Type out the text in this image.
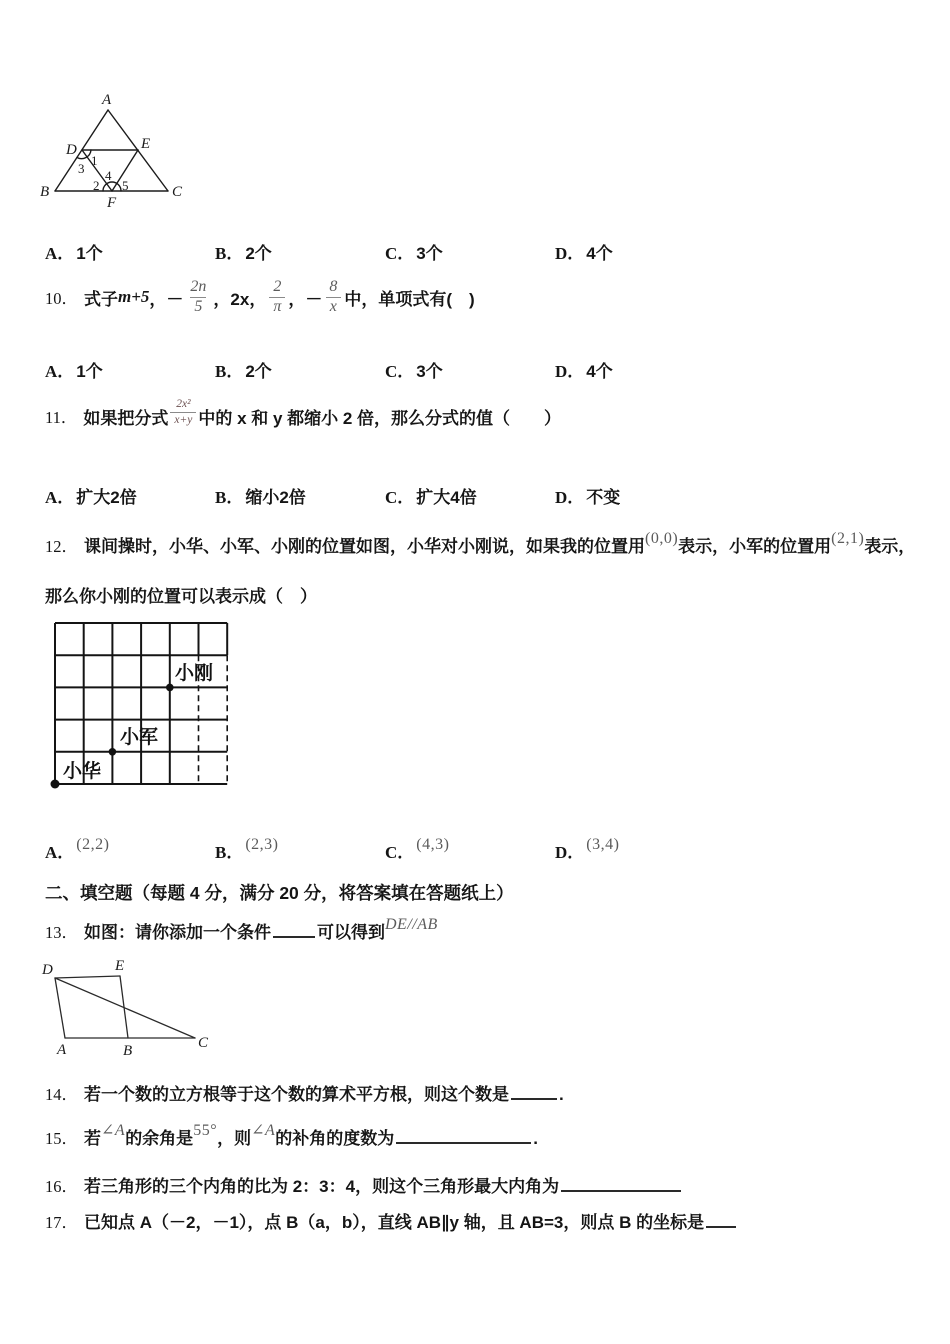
A
B	C
D	E
F
1
3 4
2 5
A． 1个	B． 2个	C． 3个	D． 4个
10． 式子 m+5 ，－ $\frac{2n}{5}$ ，2x， $\frac{2}{\pi}$ ，－ $\frac{8}{x}$ 中，单项式有(　)
A． 1个	B． 2个	C． 3个	D． 4个
11． 如果把分式 $\frac{\text{2x²}}{x+y}$ 中的 x 和 y 都缩小 2 倍，那么分式的值（　　）
A． 扩大2倍	B． 缩小2倍	C． 扩大4倍	D． 不变
12． 课间操时，小华、小军、小刚的位置如图，小华对小刚说，如果我的位置用(0,0)表示，小军的位置用(2,1)表示，
那么你小刚的位置可以表示成（　）
小刚
小军
小华
A． (2,2)	B． (2,3)	C． (4,3)	D． (3,4)
二、填空题（每题 4 分，满分 20 分，将答案填在答题纸上）
13． 如图：请你添加一个条件	可以得到DE//AB
D	E
A	B	C
14． 若一个数的立方根等于这个数的算术平方根，则这个数是	.
15． 若∠A的余角是55°，则∠A的补角的度数为	.
16． 若三角形的三个内角的比为 2：3：4，则这个三角形最大内角为
17． 已知点 A（－2，－1），点 B（a，b），直线 AB∥y 轴，且 AB=3，则点 B 的坐标是
